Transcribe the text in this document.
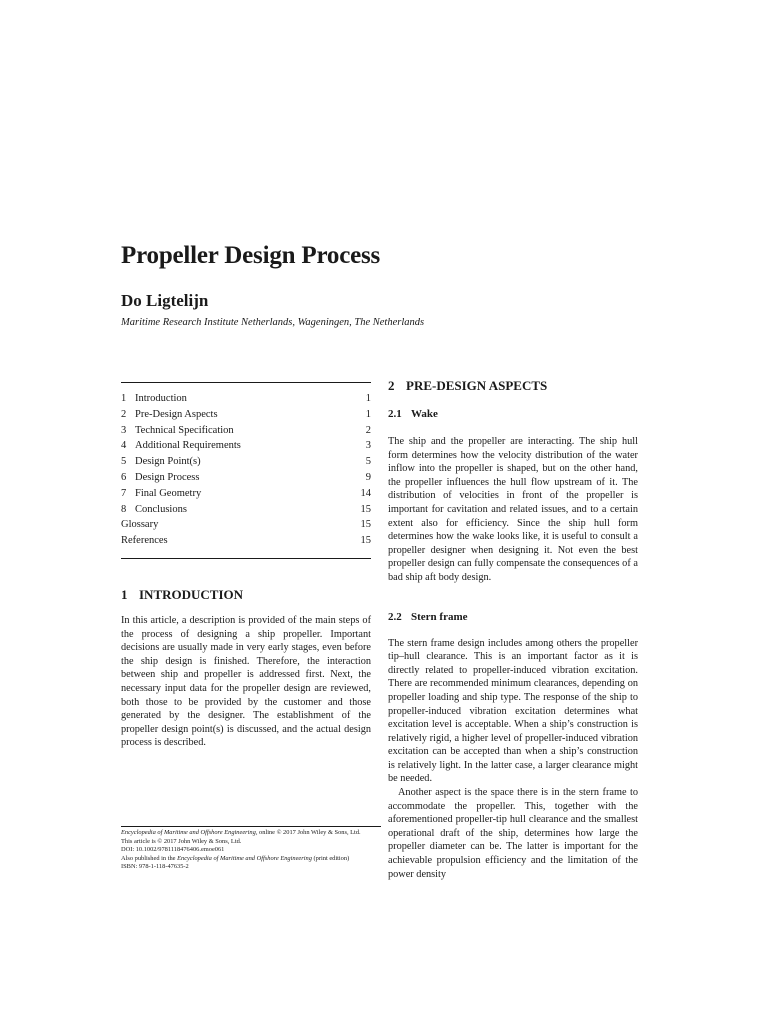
Propeller Design Process
Do Ligtelijn
Maritime Research Institute Netherlands, Wageningen, The Netherlands
1 Introduction	1
2 Pre-Design Aspects	1
3 Technical Specification	2
4 Additional Requirements	3
5 Design Point(s)	5
6 Design Process	9
7 Final Geometry	14
8 Conclusions	15
Glossary	15
References	15
1 INTRODUCTION

In this article, a description is provided of the main steps of the process of designing a ship propeller. Important decisions are usually made in very early stages, even before the ship design is finished. Therefore, the interaction between ship and propeller is addressed first. Next, the necessary input data for the propeller design are reviewed, both those to be provided by the customer and those generated by the designer. The establishment of the propeller design point(s) is discussed, and the actual design process is described.

Encyclopedia of Maritime and Offshore Engineering, online © 2017 John Wiley & Sons, Ltd.
This article is © 2017 John Wiley & Sons, Ltd.
DOI: 10.1002/9781118476406.emoe061
Also published in the Encyclopedia of Maritime and Offshore Engineering (print edition)
ISBN: 978-1-118-47635-2
2 PRE-DESIGN ASPECTS
2.1 Wake

The ship and the propeller are interacting. The ship hull form determines how the velocity distribution of the water inflow into the propeller is shaped, but on the other hand, the propeller influences the hull flow upstream of it. The distribution of velocities in front of the propeller is important for cavitation and related issues, and to a certain extent also for efficiency. Since the ship hull form determines how the wake looks like, it is useful to consult a propeller designer when designing it. Not even the best propeller design can fully compensate the consequences of a bad ship aft body design.

2.2 Stern frame

The stern frame design includes among others the propeller tip–hull clearance. This is an important factor as it is directly related to propeller-induced vibration excitation. There are recommended minimum clearances, depending on propeller loading and ship type. The response of the ship to propeller-induced vibration excitation determines what excitation level is acceptable. When a ship’s construction is relatively rigid, a higher level of propeller-induced vibration excitation can be accepted than when a ship’s construction is relatively light. In the latter case, a larger clearance might be needed.

Another aspect is the space there is in the stern frame to accommodate the propeller. This, together with the aforementioned propeller-tip hull clearance and the smallest operational draft of the ship, determines how large the propeller diameter can be. The latter is important for the achievable propulsion efficiency and the limitation of the power density
